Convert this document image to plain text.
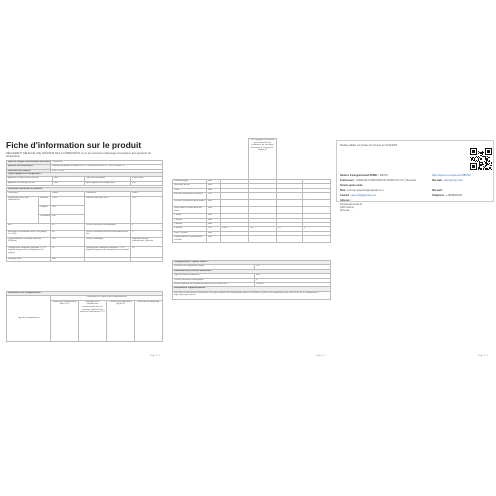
Fiche d'information sur le produit
RÈGLEMENT DÉLÉGUÉ (UE) 2019/2016 DE LA COMMISSION en ce qui concerne l'étiquetage énergétique des appareils de réfrigération
Nom ou marque commerciale du fournis	GORENJE
Adresse du fournisseur :	Gorenje gospodinjski aparati d.o.o., Partizanska cesta 12, 3320 Velenje, SI
Référence du modèle :	FN4172CWL
Type d'appareil de réfrigération :			
Appareil à faible niveau de bruit	Non	Type de conception	à pose libre
Appareil de stockage du vin	Non	Autre appareil de réfrigération	Oui
Paramètres généraux du produit :				
Paramètre		Valeur	Paramètre	Valeur
Dimensions hors tout (millimètres)	Hauteur	1 850	Volume total (dm³ ou l)	244
	Largeur	600		
	Profondeur	650		
IEE		99	Classe d'efficacité énergétique	F
Émissions acoustiques dans l'air (dB(A) re 1 pW)		38	Classe d'émission de bruit acoustique dans l'air	C
Consommation d'énergie annuelle (kWh/an)		254	Classe climatique	tempérée élargie, subtropicale, tropicale
Température ambiante minimale (°C) à laquelle l'appareil de réfrigération est adapté		10	Température ambiante maximale (°C) à laquelle l'appareil de réfrigération est adapté	43
Réglage hiver		Non		
Paramètres des compartiments :				
Type de compartiment	Paramètres et valeurs des compartiments			
	Volume du compartiment (dm³ ou l)	Réglage de la température recommandé pour un stockage optimisé des denrées alimentaires (°C)	Pouvoir de congélation (kg/24 h)	Méthode de dégivrage
Page 1 / 2
			Ces réglages ne doivent pas contredire les conditions de stockage énoncées à l'annexe IV, tableau 3		
Garde-manger	Non				
Stockage du vin	Non				
Cave	Non				
Denrées alimentaires fraîches	Oui	-	-	-	-
Denrées hautement périssables	Non				
Sans étoile ou fabrication de glace	Non				
1 étoile	Non				
2 étoiles	Non				
3 étoiles	Non				
4 étoiles	Oui	244,0	-18	13	F
Zone 2 étoiles	Non				
Compartiment à température variable	Non				
Compartiments « quatre étoiles »	
Dispositif de congélation rapide	Oui
Paramètres de la source lumineuse :	
Type de source lumineuse	LED
Classe d'efficacité énergétique	G
Durée minimale de la garantie offerte par le fournisseur	24 mois
Informations supplémentaires :	
Lien vers le site web du fournisseur sur lequel figurent les informations visées à l'annexe II, point 4, du règlement (UE) 2019/2023 de la Commission : https://gorenje.com/eu	
Page 2 / 2
Modèle valable sur la base de l'annexe du 31/12/2020
Numéro d'enregistrement EPREL : 386729	https://eprel.ec.europa.eu/qr/386729
Fournisseur : GORENJE GOSPODINJSKI APARATI D.O.O. (Slovenia)	Site web : www.gorenje.com
Service après-vente
Nom : Gorenje gospodinjski aparati d.o.o.	Site web :
Courriel : gore.info@gorenje.com	Téléphone : +38638991000
Adresse :
Partizanska cesta 12
3320 Velenje
Slovenia
Page 1 / 1
